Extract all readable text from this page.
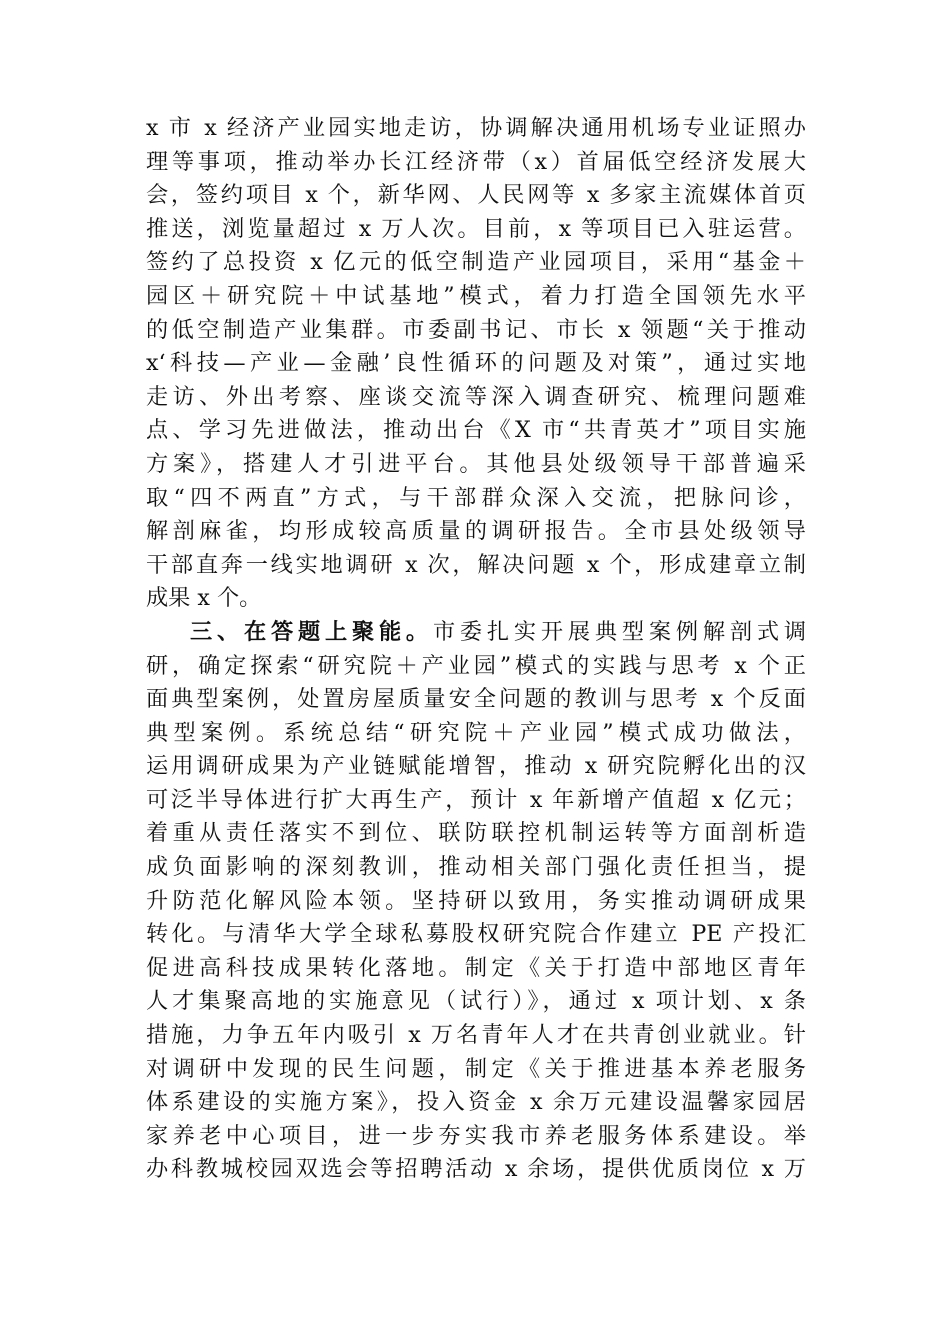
x 市 x 经济产业园实地走访，协调解决通用机场专业证照办
理等事项，推动举办长江经济带（x）首届低空经济发展大
会，签约项目 x 个，新华网、人民网等 x 多家主流媒体首页
推送，浏览量超过 x 万人次。目前，x 等项目已入驻运营。
签约了总投资 x 亿元的低空制造产业园项目，采用“基金＋
园区＋研究院＋中试基地”模式，着力打造全国领先水平
的低空制造产业集群。市委副书记、市长 x 领题“关于推动
x‘科技—产业—金融’良性循环的问题及对策”，通过实地
走访、外出考察、座谈交流等深入调查研究、梳理问题难
点、学习先进做法，推动出台《X 市“共青英才”项目实施
方案》，搭建人才引进平台。其他县处级领导干部普遍采
取“四不两直”方式，与干部群众深入交流，把脉问诊，
解剖麻雀，均形成较高质量的调研报告。全市县处级领导
干部直奔一线实地调研 x 次，解决问题 x 个，形成建章立制
成果 x 个。
三、在答题上聚能。市委扎实开展典型案例解剖式调
研，确定探索“研究院＋产业园”模式的实践与思考 x 个正
面典型案例，处置房屋质量安全问题的教训与思考 x 个反面
典型案例。系统总结“研究院＋产业园”模式成功做法，
运用调研成果为产业链赋能增智，推动 x 研究院孵化出的汉
可泛半导体进行扩大再生产，预计 x 年新增产值超 x 亿元；
着重从责任落实不到位、联防联控机制运转等方面剖析造
成负面影响的深刻教训，推动相关部门强化责任担当，提
升防范化解风险本领。坚持研以致用，务实推动调研成果
转化。与清华大学全球私募股权研究院合作建立 PE 产投汇
促进高科技成果转化落地。制定《关于打造中部地区青年
人才集聚高地的实施意见（试行）》，通过 x 项计划、x 条
措施，力争五年内吸引 x 万名青年人才在共青创业就业。针
对调研中发现的民生问题，制定《关于推进基本养老服务
体系建设的实施方案》，投入资金 x 余万元建设温馨家园居
家养老中心项目，进一步夯实我市养老服务体系建设。举
办科教城校园双选会等招聘活动 x 余场，提供优质岗位 x 万
